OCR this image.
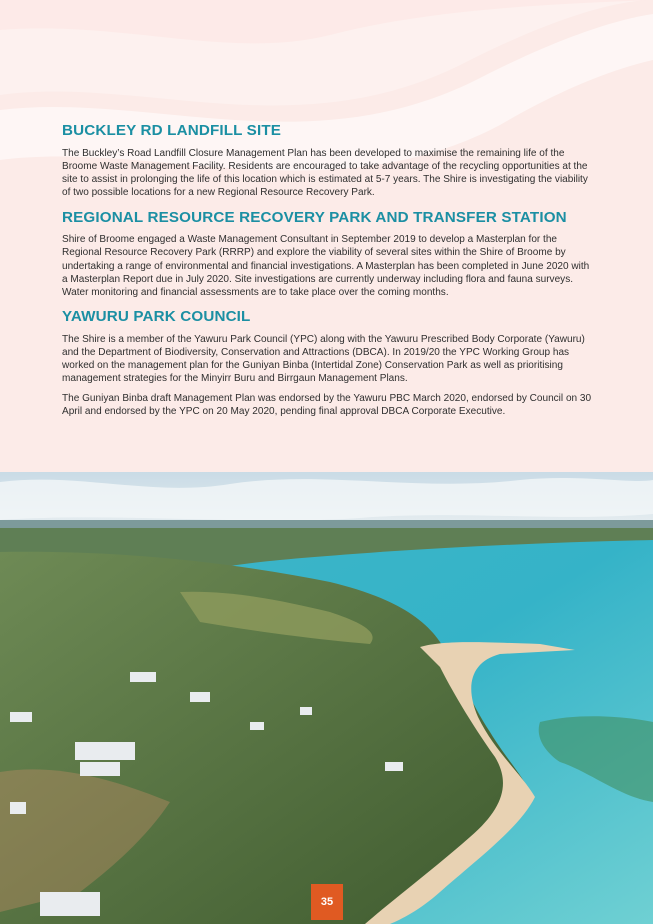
BUCKLEY RD LANDFILL SITE

The Buckley’s Road Landfill Closure Management Plan has been developed to maximise the remaining life of the Broome Waste Management Facility. Residents are encouraged to take advantage of the recycling opportunities at the site to assist in prolonging the life of this location which is estimated at 5-7 years. The Shire is investigating the viability of two possible locations for a new Regional Resource Recovery Park.

REGIONAL RESOURCE RECOVERY PARK AND TRANSFER STATION

Shire of Broome engaged a Waste Management Consultant in September 2019 to develop a Masterplan for the Regional Resource Recovery Park (RRRP) and explore the viability of several sites within the Shire of Broome by undertaking a range of environmental and financial investigations. A Masterplan has been completed in June 2020 with a Masterplan Report due in July 2020. Site investigations are currently underway including flora and fauna surveys. Water monitoring and financial assessments are to take place over the coming months.

YAWURU PARK COUNCIL

The Shire is a member of the Yawuru Park Council (YPC) along with the Yawuru Prescribed Body Corporate (Yawuru) and the Department of Biodiversity, Conservation and Attractions (DBCA). In 2019/20 the YPC Working Group has worked on the management plan for the Guniyan Binba (Intertidal Zone) Conservation Park as well as prioritising management strategies for the Minyirr Buru and Birrgaun Management Plans.

The Guniyan Binba draft Management Plan was endorsed by the Yawuru PBC March 2020, endorsed by Council on 30 April and endorsed by the YPC on 20 May 2020, pending final approval DBCA Corporate Executive.

35
